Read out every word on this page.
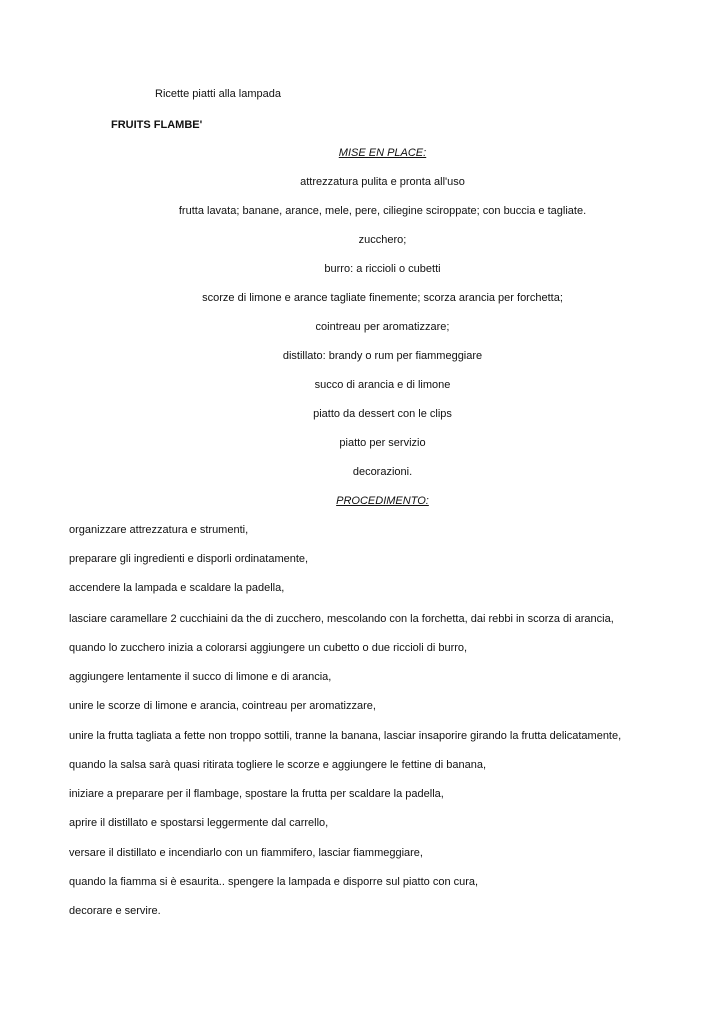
Ricette piatti alla lampada
FRUITS FLAMBE'
MISE EN PLACE:
attrezzatura pulita e pronta all'uso
frutta lavata; banane, arance, mele, pere, ciliegine sciroppate; con buccia e tagliate.
zucchero;
burro: a riccioli o cubetti
scorze di limone e arance tagliate finemente; scorza arancia per forchetta;
cointreau per aromatizzare;
distillato: brandy o rum per fiammeggiare
succo di arancia e di limone
piatto da dessert con le clips
piatto per servizio
decorazioni.
PROCEDIMENTO:
organizzare attrezzatura e strumenti,
preparare gli ingredienti e disporli ordinatamente,
accendere la lampada e scaldare la padella,
lasciare caramellare 2 cucchiaini da the di zucchero, mescolando con la forchetta, dai rebbi in scorza di arancia,
quando lo zucchero inizia a colorarsi aggiungere un cubetto o due riccioli di burro,
aggiungere lentamente il succo di limone e di arancia,
unire le scorze di limone e arancia, cointreau per aromatizzare,
unire la frutta tagliata a fette non troppo sottili, tranne la banana, lasciar insaporire girando la frutta delicatamente,
quando la salsa sarà quasi ritirata togliere le scorze e aggiungere le fettine di banana,
iniziare a preparare per il flambage, spostare la frutta per scaldare la padella,
aprire il distillato e spostarsi leggermente dal carrello,
versare il distillato e incendiarlo con un fiammifero, lasciar fiammeggiare,
quando la fiamma si è esaurita.. spengere la lampada e disporre sul piatto con cura,
decorare e servire.
